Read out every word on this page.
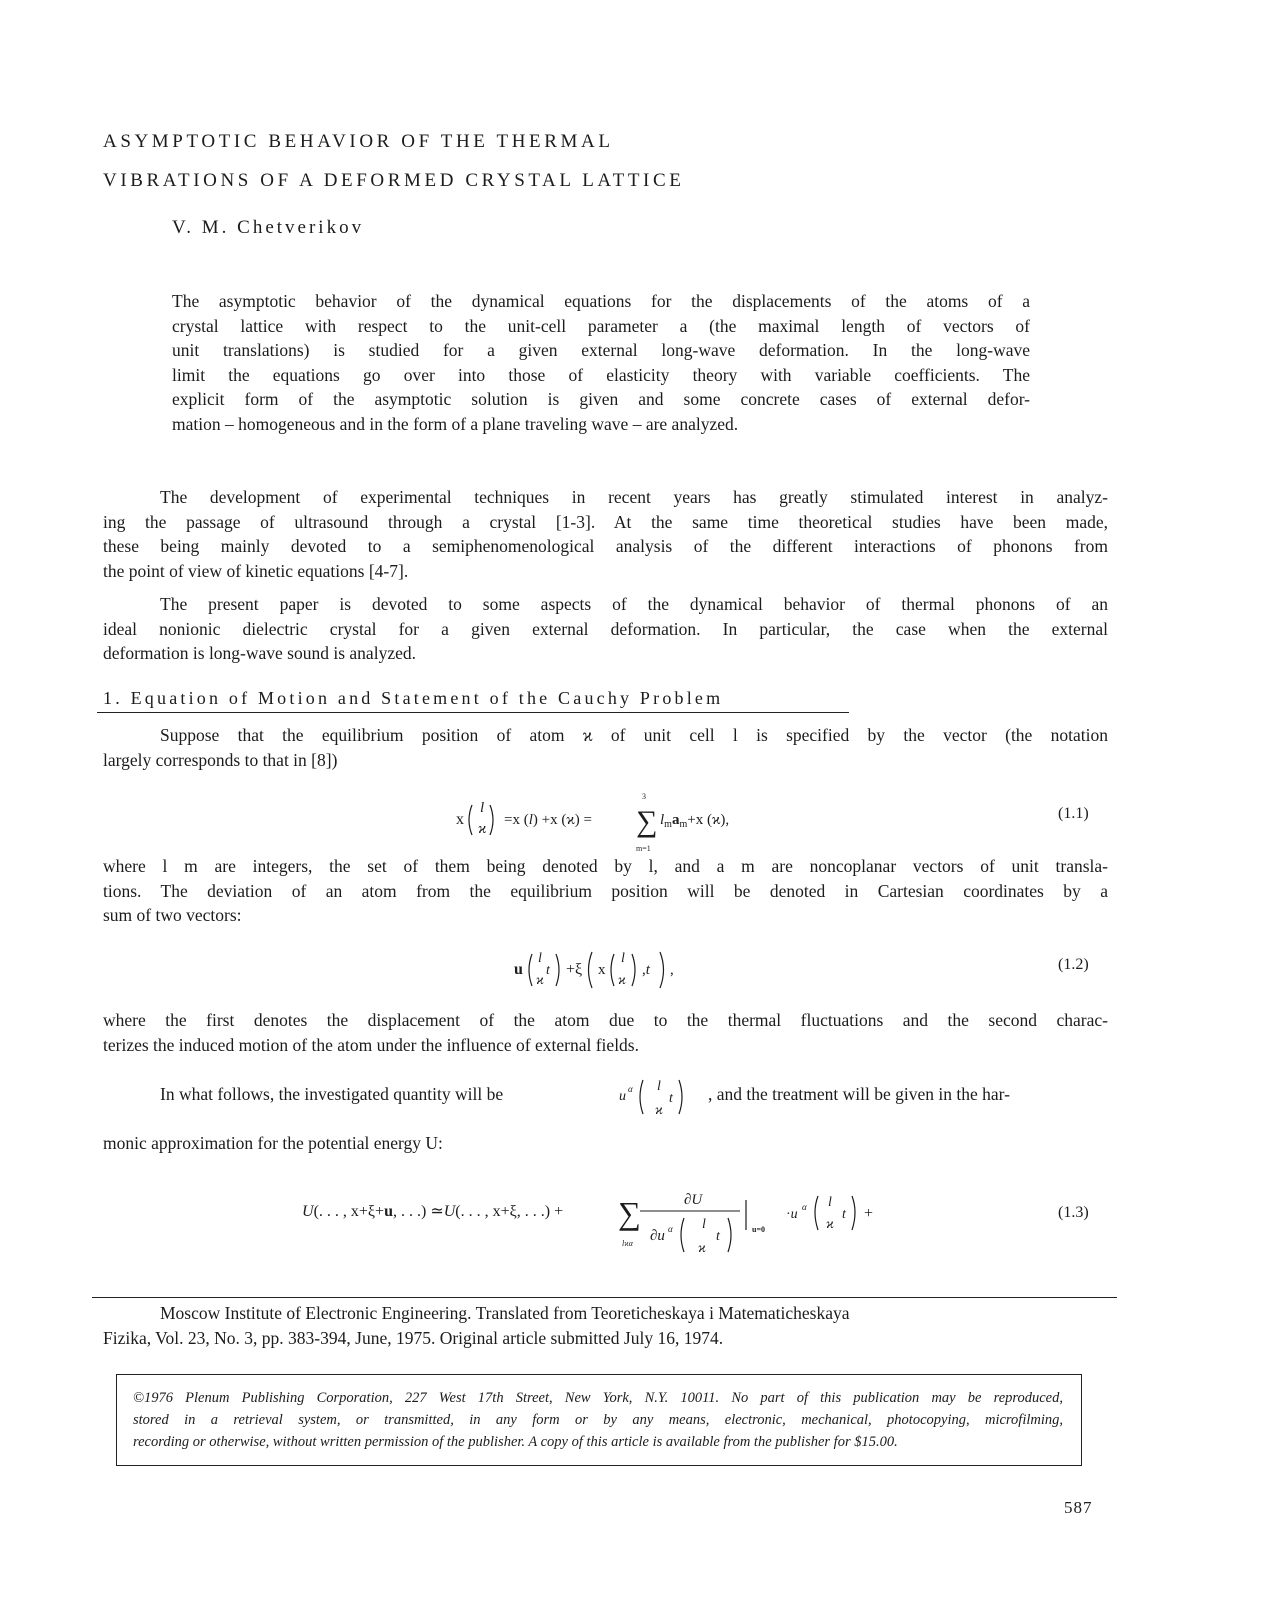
ASYMPTOTIC BEHAVIOR OF THE THERMAL
VIBRATIONS OF A DEFORMED CRYSTAL LATTICE
V. M. Chetverikov
The asymptotic behavior of the dynamical equations for the displacements of the atoms of a
crystal lattice with respect to the unit-cell parameter a (the maximal length of vectors of
unit translations) is studied for a given external long-wave deformation. In the long-wave
limit the equations go over into those of elasticity theory with variable coefficients. The
explicit form of the asymptotic solution is given and some concrete cases of external defor-
mation – homogeneous and in the form of a plane traveling wave – are analyzed.
The development of experimental techniques in recent years has greatly stimulated interest in analyz-
ing the passage of ultrasound through a crystal [1-3]. At the same time theoretical studies have been made,
these being mainly devoted to a semiphenomenological analysis of the different interactions of phonons from
the point of view of kinetic equations [4-7].
The present paper is devoted to some aspects of the dynamical behavior of thermal phonons of an
ideal nonionic dielectric crystal for a given external deformation. In particular, the case when the external
deformation is long-wave sound is analyzed.
1. Equation of Motion and Statement of the Cauchy Problem
Suppose that the equilibrium position of atom ϰ of unit cell l is specified by the vector (the notation
largely corresponds to that in [8])
x
l
ϰ
=x (l) +x (ϰ) = ∑
3
m=1
$l_ma_m+x$ (ϰ),	(1.1)
where l m are integers, the set of them being denoted by l, and a m are noncoplanar vectors of unit transla-
tions. The deviation of an atom from the equilibrium position will be denoted in Cartesian coordinates by a
sum of two vectors:
u
l
ϰ
t +ξ x
l
ϰ
,t ,	(1.2)
where the first denotes the displacement of the atom due to the thermal fluctuations and the second charac-
terizes the induced motion of the atom under the influence of external fields.
In what follows, the investigated quantity will be	u α l
ϰ
t , and the treatment will be given in the har-
monic approximation for the potential energy U:
U(. . . , x+ξ+u, . . .) ≃U(. . . , x+ξ, . . .) + ∑
lϰα
∂U
∂u α l
ϰ
t	u=0
·u α l
ϰ
t +	(1.3)
Moscow Institute of Electronic Engineering. Translated from Teoreticheskaya i Matematicheskaya
Fizika, Vol. 23, No. 3, pp. 383-394, June, 1975. Original article submitted July 16, 1974.
©1976 Plenum Publishing Corporation, 227 West 17th Street, New York, N.Y. 10011. No part of this publication may be reproduced,
stored in a retrieval system, or transmitted, in any form or by any means, electronic, mechanical, photocopying, microfilming,
recording or otherwise, without written permission of the publisher. A copy of this article is available from the publisher for $15.00.
587
